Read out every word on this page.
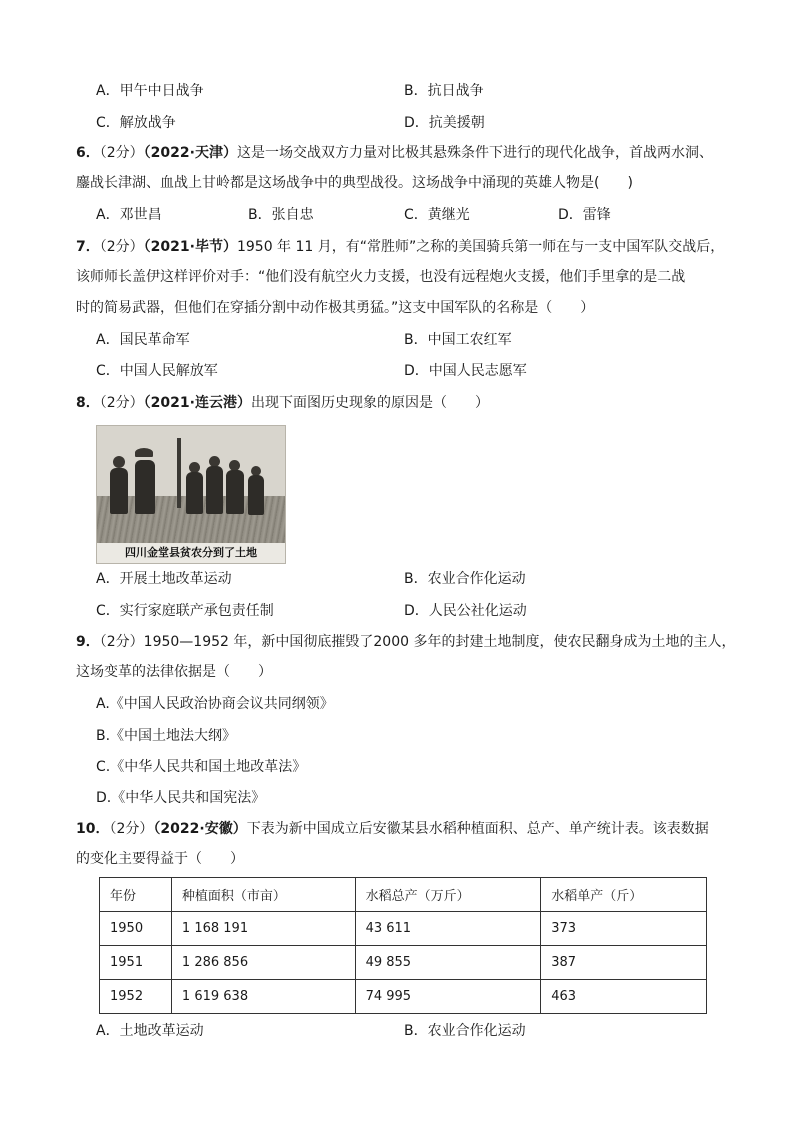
A．甲午中日战争	B．抗日战争
C．解放战争	D．抗美援朝
6．（2分）（2022·天津）这是一场交战双方力量对比极其悬殊条件下进行的现代化战争，首战两水洞、
鏖战长津湖、血战上甘岭都是这场战争中的典型战役。这场战争中涌现的英雄人物是(　　)
A．邓世昌	B．张自忠	C．黄继光	D．雷锋
7．（2分）（2021·毕节）1950 年 11 月，有“常胜师”之称的美国骑兵第一师在与一支中国军队交战后，
该师师长盖伊这样评价对手：“他们没有航空火力支援，也没有远程炮火支援，他们手里拿的是二战
时的简易武器，但他们在穿插分割中动作极其勇猛。”这支中国军队的名称是（　　）
A．国民革命军	B．中国工农红军
C．中国人民解放军	D．中国人民志愿军
8．（2分）（2021·连云港）出现下面图历史现象的原因是（　　）
四川金堂县贫农分到了土地
A．开展土地改革运动	B．农业合作化运动
C．实行家庭联产承包责任制	D．人民公社化运动
9．（2分）1950—1952 年，新中国彻底摧毁了2000 多年的封建土地制度，使农民翻身成为土地的主人，
这场变革的法律依据是（　　）
A.《中国人民政治协商会议共同纲领》
B.《中国土地法大纲》
C.《中华人民共和国土地改革法》
D.《中华人民共和国宪法》
10．（2分）（2022·安徽）下表为新中国成立后安徽某县水稻种植面积、总产、单产统计表。该表数据
的变化主要得益于（　　）
年份	种植面积（市亩）	水稻总产（万斤）	水稻单产（斤）
1950	1 168 191	43 611	373
1951	1 286 856	49 855	387
1952	1 619 638	74 995	463
A．土地改革运动	B．农业合作化运动
